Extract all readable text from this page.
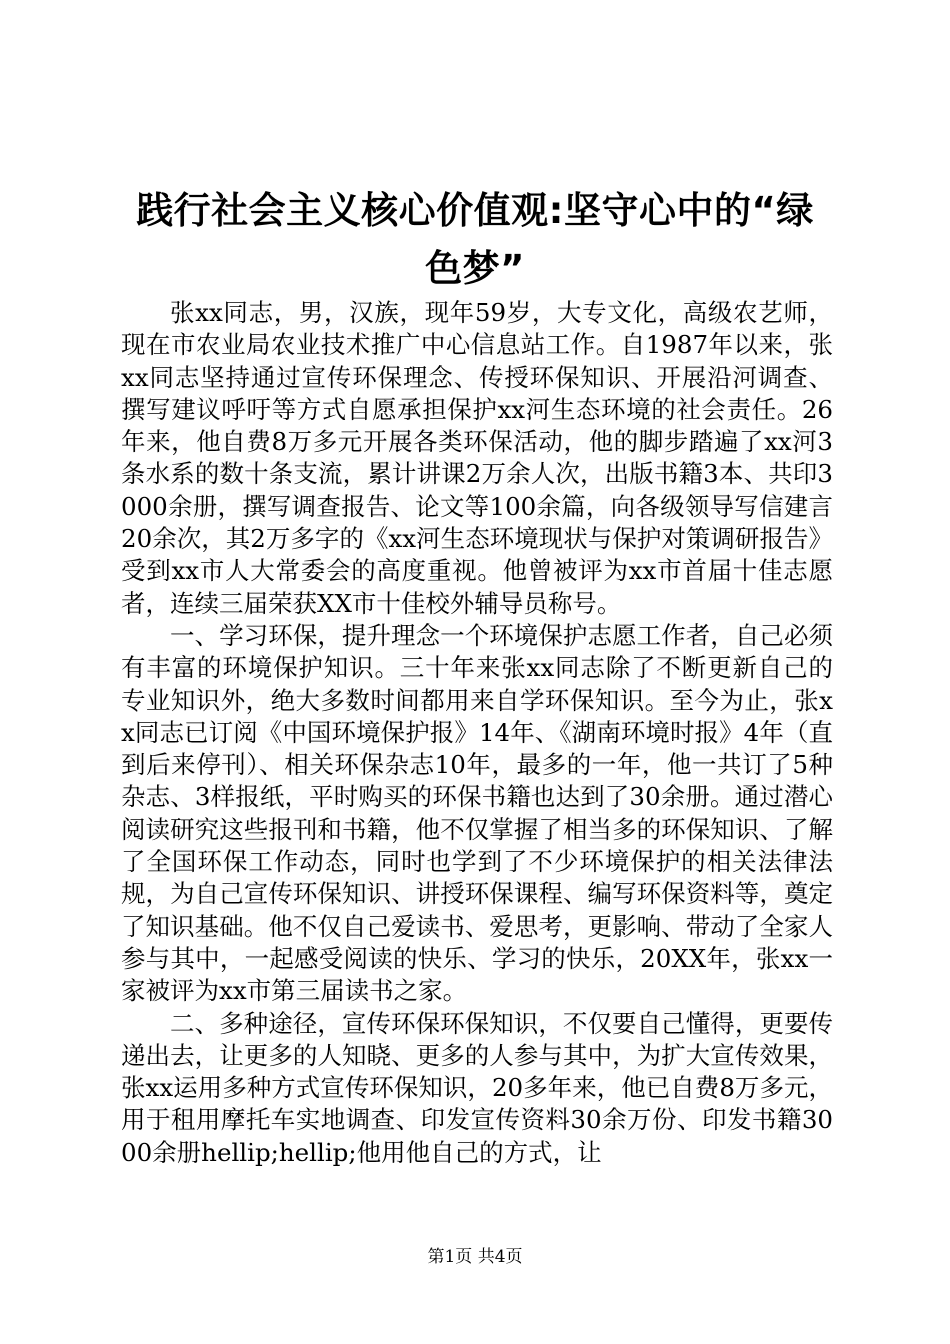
践行社会主义核心价值观:坚守心中的“绿色梦”

张xx同志，男，汉族，现年59岁，大专文化，高级农艺师，现在市农业局农业技术推广中心信息站工作。自1987年以来，张xx同志坚持通过宣传环保理念、传授环保知识、开展沿河调查、撰写建议呼吁等方式自愿承担保护xx河生态环境的社会责任。26年来，他自费8万多元开展各类环保活动，他的脚步踏遍了xx河3条水系的数十条支流，累计讲课2万余人次，出版书籍3本、共印3000余册，撰写调查报告、论文等100余篇，向各级领导写信建言20余次，其2万多字的《xx河生态环境现状与保护对策调研报告》受到xx市人大常委会的高度重视。他曾被评为xx市首届十佳志愿者，连续三届荣获XX市十佳校外辅导员称号。

一、学习环保，提升理念一个环境保护志愿工作者，自己必须有丰富的环境保护知识。三十年来张xx同志除了不断更新自己的专业知识外，绝大多数时间都用来自学环保知识。至今为止，张xx同志已订阅《中国环境保护报》14年、《湖南环境时报》4年（直到后来停刊）、相关环保杂志10年，最多的一年，他一共订了5种杂志、3样报纸，平时购买的环保书籍也达到了30余册。通过潜心阅读研究这些报刊和书籍，他不仅掌握了相当多的环保知识、了解了全国环保工作动态，同时也学到了不少环境保护的相关法律法规，为自己宣传环保知识、讲授环保课程、编写环保资料等，奠定了知识基础。他不仅自己爱读书、爱思考，更影响、带动了全家人参与其中，一起感受阅读的快乐、学习的快乐，20XX年，张xx一家被评为xx市第三届读书之家。

二、多种途径，宣传环保环保知识，不仅要自己懂得，更要传递出去，让更多的人知晓、更多的人参与其中，为扩大宣传效果，张xx运用多种方式宣传环保知识，20多年来，他已自费8万多元，用于租用摩托车实地调查、印发宣传资料30余万份、印发书籍3000余册hellip;hellip;他用他自己的方式，让

第1页 共4页
